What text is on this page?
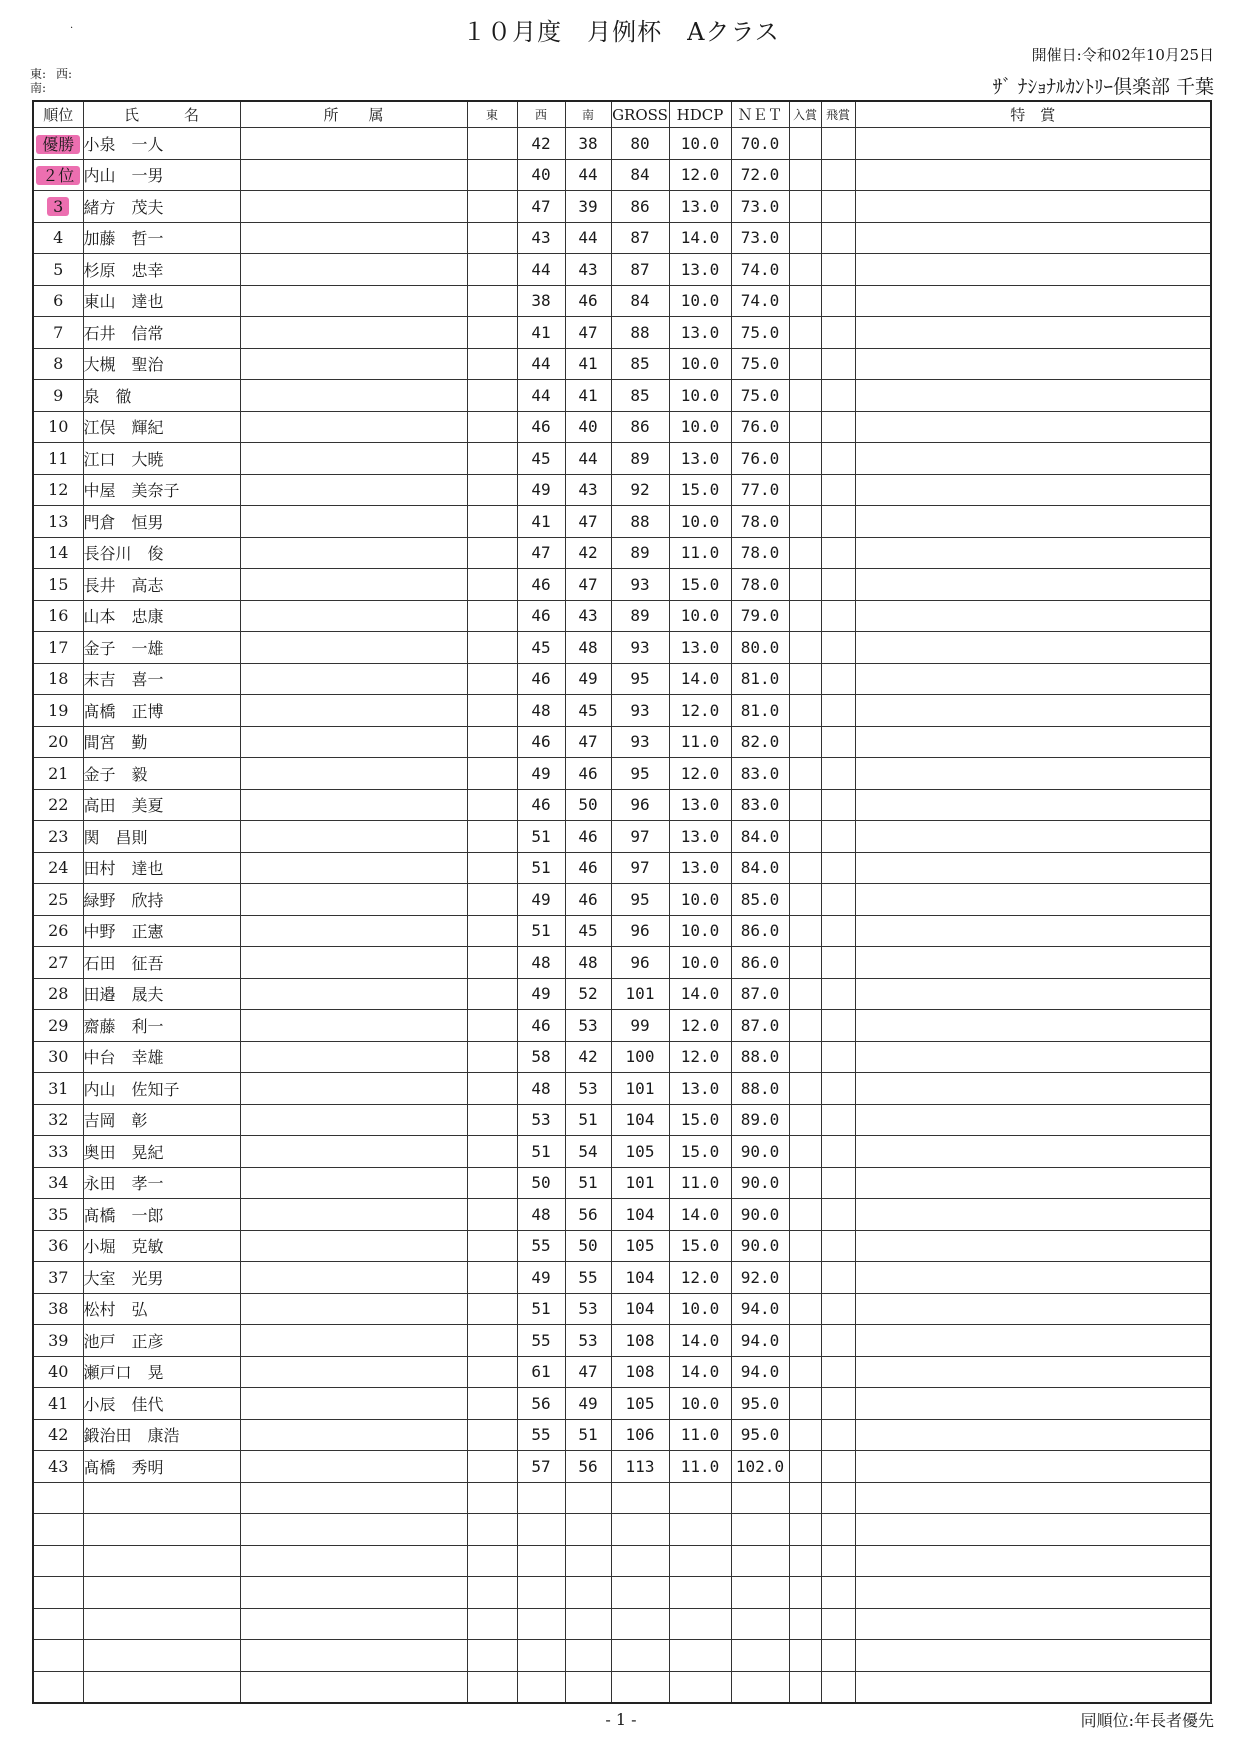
.	１０月度　月例杯　Aクラス
開催日:令和02年10月25日
東: 西:
南:	ｻﾞ ﾅｼｮﾅﾙｶﾝﾄﾘｰ倶楽部 千葉
順位	氏　　　名	所　　属	東	西	南	GROSS	HDCP	ＮＥＴ	入賞	飛賞	特　賞
優勝	小泉　一人			42	38	80	10.0	70.0			
２位	内山　一男			40	44	84	12.0	72.0			
3	緒方　茂夫			47	39	86	13.0	73.0			
4	加藤　哲一			43	44	87	14.0	73.0			
5	杉原　忠幸			44	43	87	13.0	74.0			
6	東山　達也			38	46	84	10.0	74.0			
7	石井　信常			41	47	88	13.0	75.0			
8	大槻　聖治			44	41	85	10.0	75.0			
9	泉　徹			44	41	85	10.0	75.0			
10	江俣　輝紀			46	40	86	10.0	76.0			
11	江口　大暁			45	44	89	13.0	76.0			
12	中屋　美奈子			49	43	92	15.0	77.0			
13	門倉　恒男			41	47	88	10.0	78.0			
14	長谷川　俊			47	42	89	11.0	78.0			
15	長井　高志			46	47	93	15.0	78.0			
16	山本　忠康			46	43	89	10.0	79.0			
17	金子　一雄			45	48	93	13.0	80.0			
18	末吉　喜一			46	49	95	14.0	81.0			
19	髙橋　正博			48	45	93	12.0	81.0			
20	間宮　勤			46	47	93	11.0	82.0			
21	金子　毅			49	46	95	12.0	83.0			
22	高田　美夏			46	50	96	13.0	83.0			
23	関　昌則			51	46	97	13.0	84.0			
24	田村　達也			51	46	97	13.0	84.0			
25	緑野　欣持			49	46	95	10.0	85.0			
26	中野　正憲			51	45	96	10.0	86.0			
27	石田　征吾			48	48	96	10.0	86.0			
28	田邉　晟夫			49	52	101	14.0	87.0			
29	齋藤　利一			46	53	99	12.0	87.0			
30	中台　幸雄			58	42	100	12.0	88.0			
31	内山　佐知子			48	53	101	13.0	88.0			
32	吉岡　彰			53	51	104	15.0	89.0			
33	奥田　晃紀			51	54	105	15.0	90.0			
34	永田　孝一			50	51	101	11.0	90.0			
35	髙橋　一郎			48	56	104	14.0	90.0			
36	小堀　克敏			55	50	105	15.0	90.0			
37	大室　光男			49	55	104	12.0	92.0			
38	松村　弘			51	53	104	10.0	94.0			
39	池戸　正彦			55	53	108	14.0	94.0			
40	瀬戸口　晃			61	47	108	14.0	94.0			
41	小辰　佳代			56	49	105	10.0	95.0			
42	鍛治田　康浩			55	51	106	11.0	95.0			
43	髙橋　秀明			57	56	113	11.0	102.0			

- 1 -	同順位:年長者優先
